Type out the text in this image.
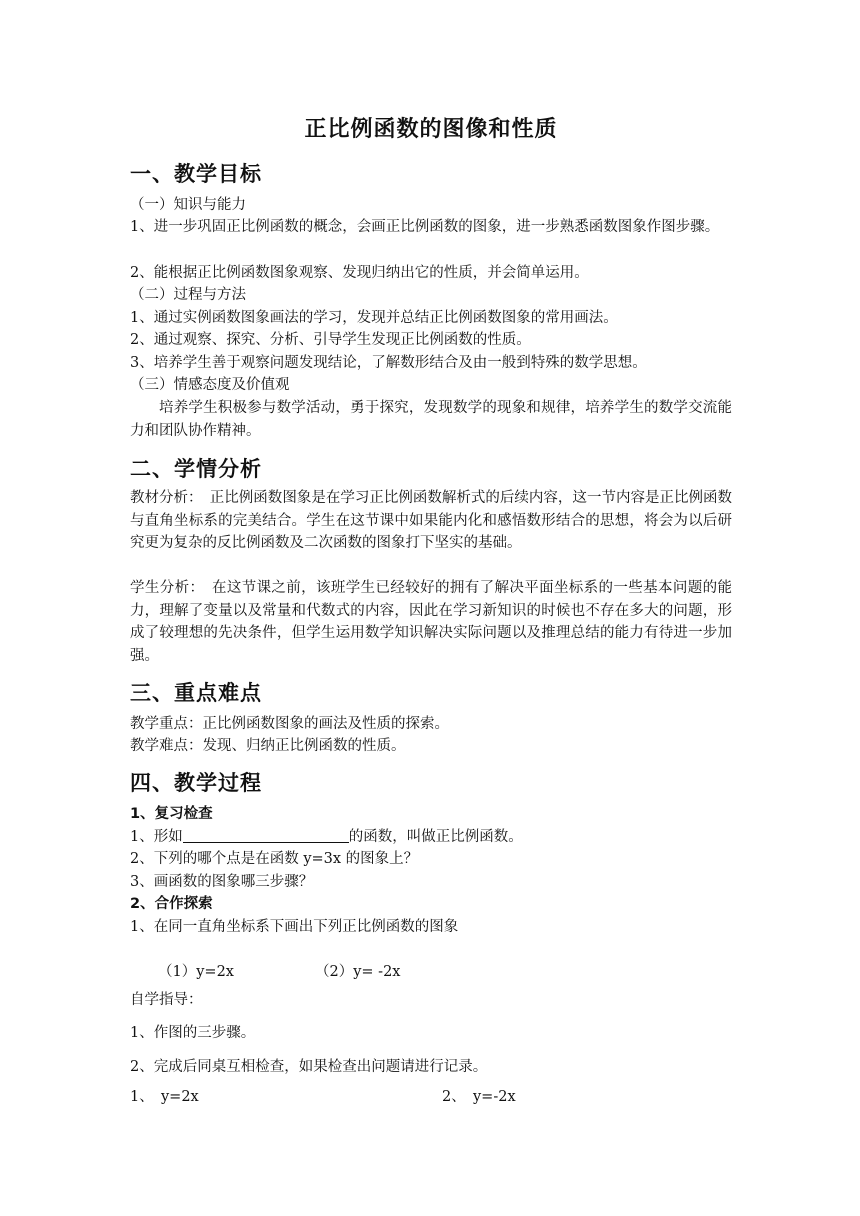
正比例函数的图像和性质
一、教学目标
（一）知识与能力
1、进一步巩固正比例函数的概念，会画正比例函数的图象，进一步熟悉函数图象作图步骤。
2、能根据正比例函数图象观察、发现归纳出它的性质，并会简单运用。
（二）过程与方法
1、通过实例函数图象画法的学习，发现并总结正比例函数图象的常用画法。
2、通过观察、探究、分析、引导学生发现正比例函数的性质。
3、培养学生善于观察问题发现结论，了解数形结合及由一般到特殊的数学思想。
（三）情感态度及价值观
培养学生积极参与数学活动，勇于探究，发现数学的现象和规律，培养学生的数学交流能力和团队协作精神。
二、学情分析
教材分析：　正比例函数图象是在学习正比例函数解析式的后续内容，这一节内容是正比例函数与直角坐标系的完美结合。学生在这节课中如果能内化和感悟数形结合的思想，将会为以后研究更为复杂的反比例函数及二次函数的图象打下坚实的基础。
学生分析：　在这节课之前，该班学生已经较好的拥有了解决平面坐标系的一些基本问题的能力，理解了变量以及常量和代数式的内容，因此在学习新知识的时候也不存在多大的问题，形成了较理想的先决条件，但学生运用数学知识解决实际问题以及推理总结的能力有待进一步加强。
三、重点难点
教学重点：正比例函数图象的画法及性质的探索。
教学难点：发现、归纳正比例函数的性质。
四、教学过程
1、复习检查
1、形如	的函数，叫做正比例函数。
2、下列的哪个点是在函数 y=3x 的图象上？
3、画函数的图象哪三步骤？
2、合作探索
1、在同一直角坐标系下画出下列正比例函数的图象
（1）y=2x	（2）y= -2x
自学指导：
1、作图的三步骤。
2、完成后同桌互相检查，如果检查出问题请进行记录。
1、　y=2x	2、　y=-2x
